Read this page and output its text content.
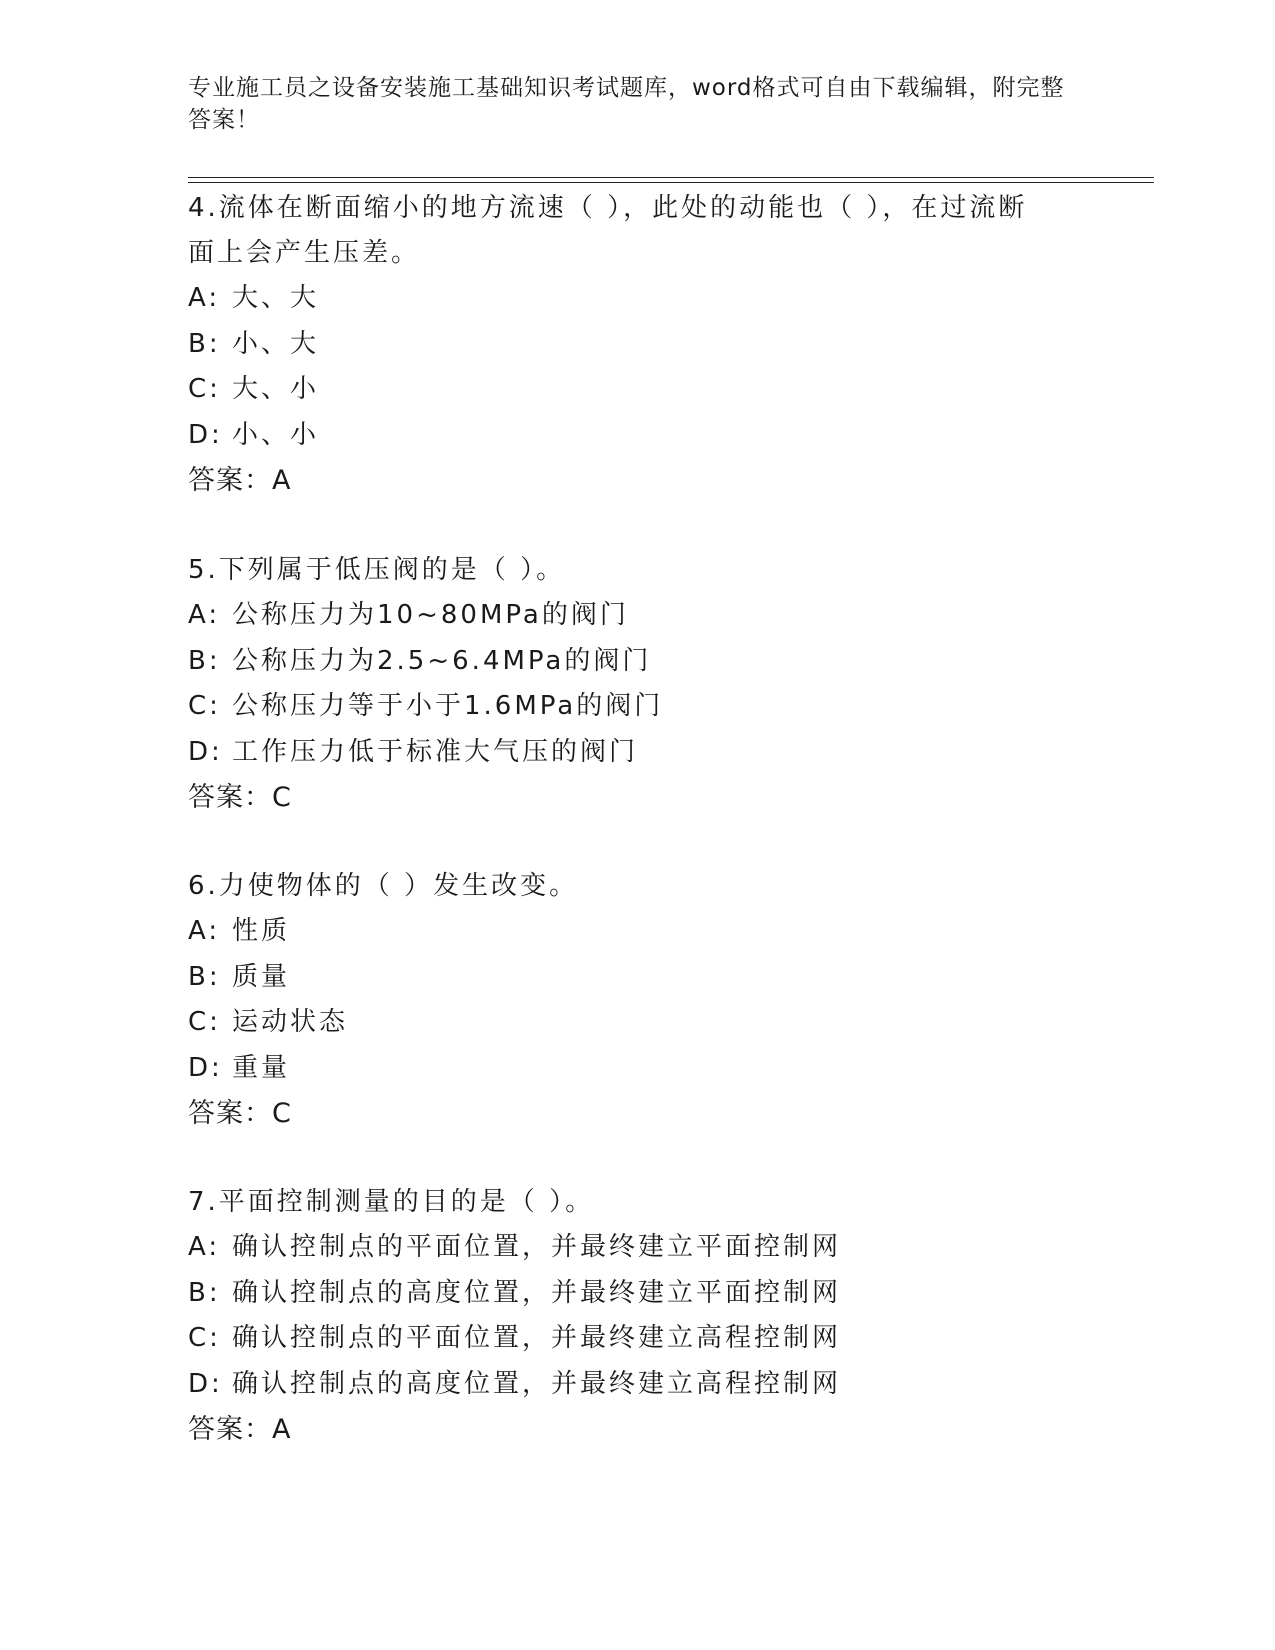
专业施工员之设备安装施工基础知识考试题库，word格式可自由下载编辑，附完整答案！

4.流体在断面缩小的地方流速（ ），此处的动能也（ ），在过流断面上会产生压差。

A: 大、大

B: 小、大

C: 大、小

D: 小、小

答案：A

5.下列属于低压阀的是（ ）。

A: 公称压力为10~80MPa的阀门

B: 公称压力为2.5~6.4MPa的阀门

C: 公称压力等于小于1.6MPa的阀门

D: 工作压力低于标准大气压的阀门

答案：C

6.力使物体的（ ）发生改变。

A: 性质

B: 质量

C: 运动状态

D: 重量

答案：C

7.平面控制测量的目的是（ ）。

A: 确认控制点的平面位置，并最终建立平面控制网

B: 确认控制点的高度位置，并最终建立平面控制网

C: 确认控制点的平面位置，并最终建立高程控制网

D: 确认控制点的高度位置，并最终建立高程控制网

答案：A
